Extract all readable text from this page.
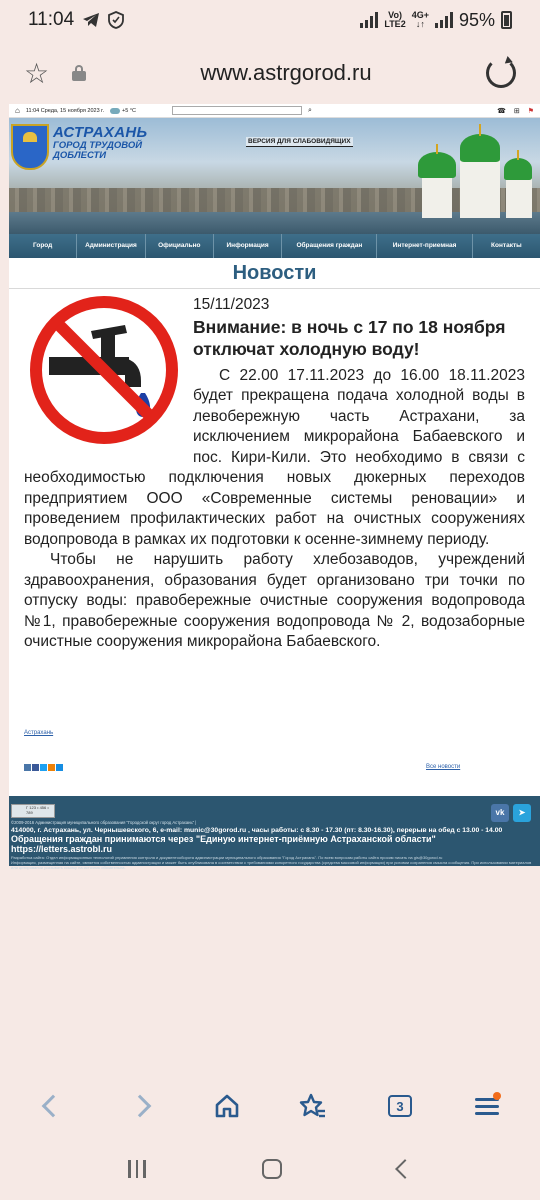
11:04	Vo)
LTE2
4G+
↓↑ 95%
☆	www.astrgorod.ru
⌂ 11:04 Среда, 15 ноября 2023 г.	+5 °C	⌕	☎ ⊞ ⚑
АСТРАХАНЬ
ГОРОД ТРУДОВОЙ
ДОБЛЕСТИ
ВЕРСИЯ ДЛЯ СЛАБОВИДЯЩИХ
Город	Администрация	Официально	Информация	Обращения граждан	Интернет-приемная	Контакты
Новости
15/11/2023
Внимание: в ночь с 17 по 18 ноября отключат холодную воду!

С 22.00 17.11.2023 до 16.00 18.11.2023 будет прекращена подача холодной воды в левобережную часть Астрахани, за исключением микрорайона Бабаевского и пос. Кири-Кили. Это необходимо в связи с необходимостью подключения новых дюкерных переходов предприятием ООО «Современные системы реновации» и проведением профилактических работ на очистных сооружениях водопровода в рамках их подготовки к осенне-зимнему периоду.

Чтобы не нарушить работу хлебозаводов, учреждений здравоохранения, образования будет организовано три точки по отпуску воды: правобережные очистные сооружения водопровода №1, правобережные сооружения водопровода № 2, водозаборные очистные сооружения микрорайона Бабаевского.

Астрахань
Все новости
Г 123 • 456 • 789
©2009-2016 Администрация муниципального образования "Городской округ город Астрахань" |
414000, г. Астрахань, ул. Чернышевского, 6, e-mail: munic@30gorod.ru , часы работы: с 8.30 - 17.30 (пт: 8.30-16.30), перерыв на обед с 13.00 - 14.00 Обращения граждан принимаются через "Единую интернет-приёмную Астраханской области" https://letters.astrobl.ru
Разработка сайта: Отдел информационных технологий управления контроля и документооборота администрации муниципального образования "Город Астрахань". По всем вопросам работы сайта просим писать на gis@30gorod.ru
Информация, размещенная на сайте, является собственностью администрации и может быть опубликована в соответствии с требованиями конкретного государства (средства массовой информации) при условии сохранения смысла сообщения. При использовании материалов или цитировании указывать ссылку на источник обязательна.
vk	➤
3
